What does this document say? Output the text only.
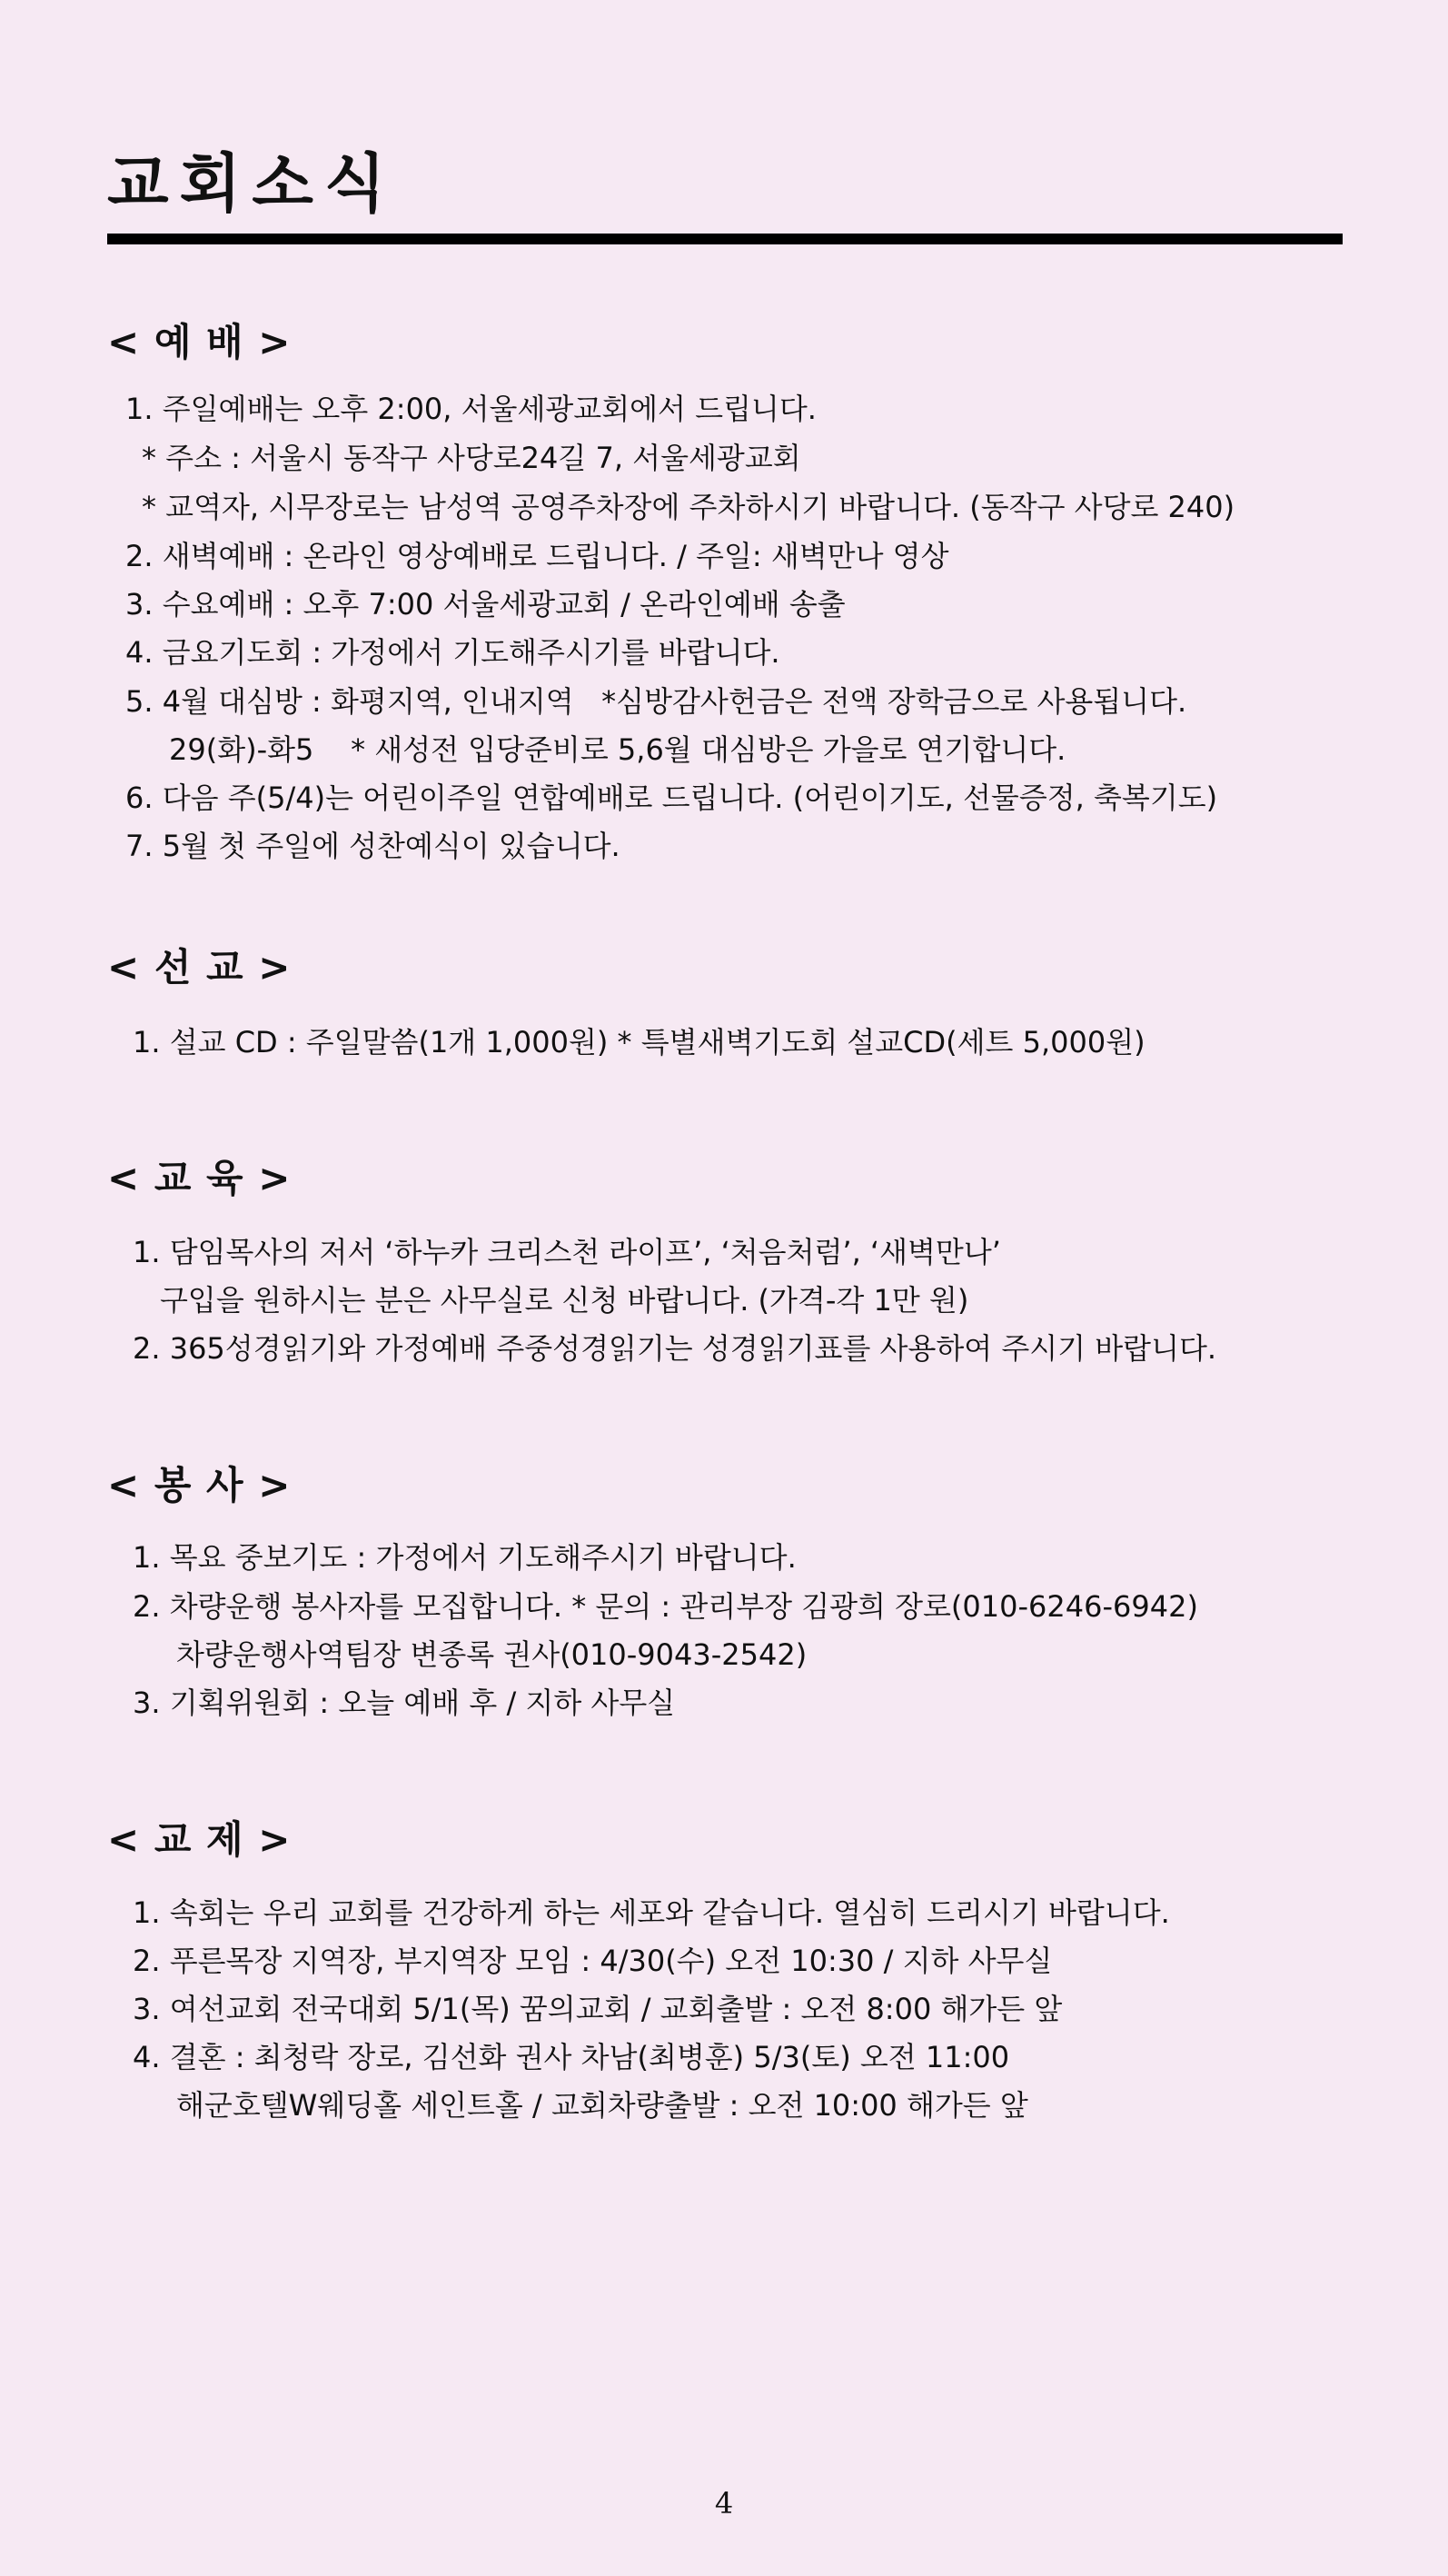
교회소식
< 예 배 >

1. 주일예배는 오후 2:00, 서울세광교회에서 드립니다.

* 주소 : 서울시 동작구 사당로24길 7, 서울세광교회

* 교역자, 시무장로는 남성역 공영주차장에 주차하시기 바랍니다. (동작구 사당로 240)

2. 새벽예배 : 온라인 영상예배로 드립니다. / 주일: 새벽만나 영상

3. 수요예배 : 오후 7:00 서울세광교회 / 온라인예배 송출

4. 금요기도회 : 가정에서 기도해주시기를 바랍니다.

5. 4월 대심방 : 화평지역, 인내지역   *심방감사헌금은 전액 장학금으로 사용됩니다.

29(화)-화5    * 새성전 입당준비로 5,6월 대심방은 가을로 연기합니다.

6. 다음 주(5/4)는 어린이주일 연합예배로 드립니다. (어린이기도, 선물증정, 축복기도)

7. 5월 첫 주일에 성찬예식이 있습니다.

< 선 교 >

1. 설교 CD : 주일말씀(1개 1,000원) * 특별새벽기도회 설교CD(세트 5,000원)

< 교 육 >

1. 담임목사의 저서 ‘하누카 크리스천 라이프’, ‘처음처럼’, ‘새벽만나’

구입을 원하시는 분은 사무실로 신청 바랍니다. (가격-각 1만 원)

2. 365성경읽기와 가정예배 주중성경읽기는 성경읽기표를 사용하여 주시기 바랍니다.

< 봉 사 >

1. 목요 중보기도 : 가정에서 기도해주시기 바랍니다.

2. 차량운행 봉사자를 모집합니다. * 문의 : 관리부장 김광희 장로(010-6246-6942)

차량운행사역팀장 변종록 권사(010-9043-2542)

3. 기획위원회 : 오늘 예배 후 / 지하 사무실

< 교 제 >

1. 속회는 우리 교회를 건강하게 하는 세포와 같습니다. 열심히 드리시기 바랍니다.

2. 푸른목장 지역장, 부지역장 모임 : 4/30(수) 오전 10:30 / 지하 사무실

3. 여선교회 전국대회 5/1(목) 꿈의교회 / 교회출발 : 오전 8:00 해가든 앞

4. 결혼 : 최청락 장로, 김선화 권사 차남(최병훈) 5/3(토) 오전 11:00

해군호텔W웨딩홀 세인트홀 / 교회차량출발 : 오전 10:00 해가든 앞

4
